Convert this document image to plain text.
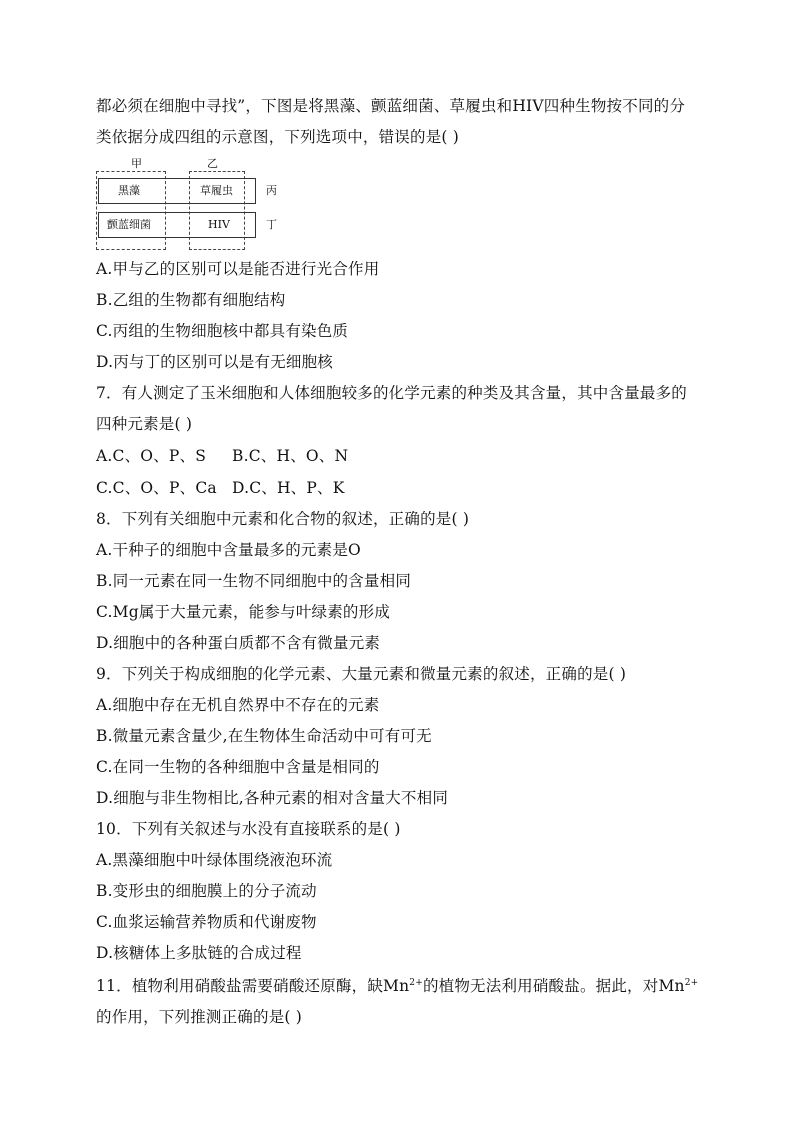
都必须在细胞中寻找”，下图是将黑藻、颤蓝细菌、草履虫和HIV四种生物按不同的分
类依据分成四组的示意图，下列选项中，错误的是( )
甲	乙
黑藻	草履虫
颤蓝细菌	HIV
丙
丁
A.甲与乙的区别可以是能否进行光合作用
B.乙组的生物都有细胞结构
C.丙组的生物细胞核中都具有染色质
D.丙与丁的区别可以是有无细胞核
7．有人测定了玉米细胞和人体细胞较多的化学元素的种类及其含量，其中含量最多的
四种元素是( )
A.C、O、P、S B.C、H、O、N
C.C、O、P、Ca D.C、H、P、K
8．下列有关细胞中元素和化合物的叙述，正确的是( )
A.干种子的细胞中含量最多的元素是O
B.同一元素在同一生物不同细胞中的含量相同
C.Mg属于大量元素，能参与叶绿素的形成
D.细胞中的各种蛋白质都不含有微量元素
9．下列关于构成细胞的化学元素、大量元素和微量元素的叙述，正确的是( )
A.细胞中存在无机自然界中不存在的元素
B.微量元素含量少,在生物体生命活动中可有可无
C.在同一生物的各种细胞中含量是相同的
D.细胞与非生物相比,各种元素的相对含量大不相同
10．下列有关叙述与水没有直接联系的是( )
A.黑藻细胞中叶绿体围绕液泡环流
B.变形虫的细胞膜上的分子流动
C.血浆运输营养物质和代谢废物
D.核糖体上多肽链的合成过程
11．植物利用硝酸盐需要硝酸还原酶，缺$Mn^{2+}$的植物无法利用硝酸盐。据此，对$Mn^{2+}$
的作用，下列推测正确的是( )
